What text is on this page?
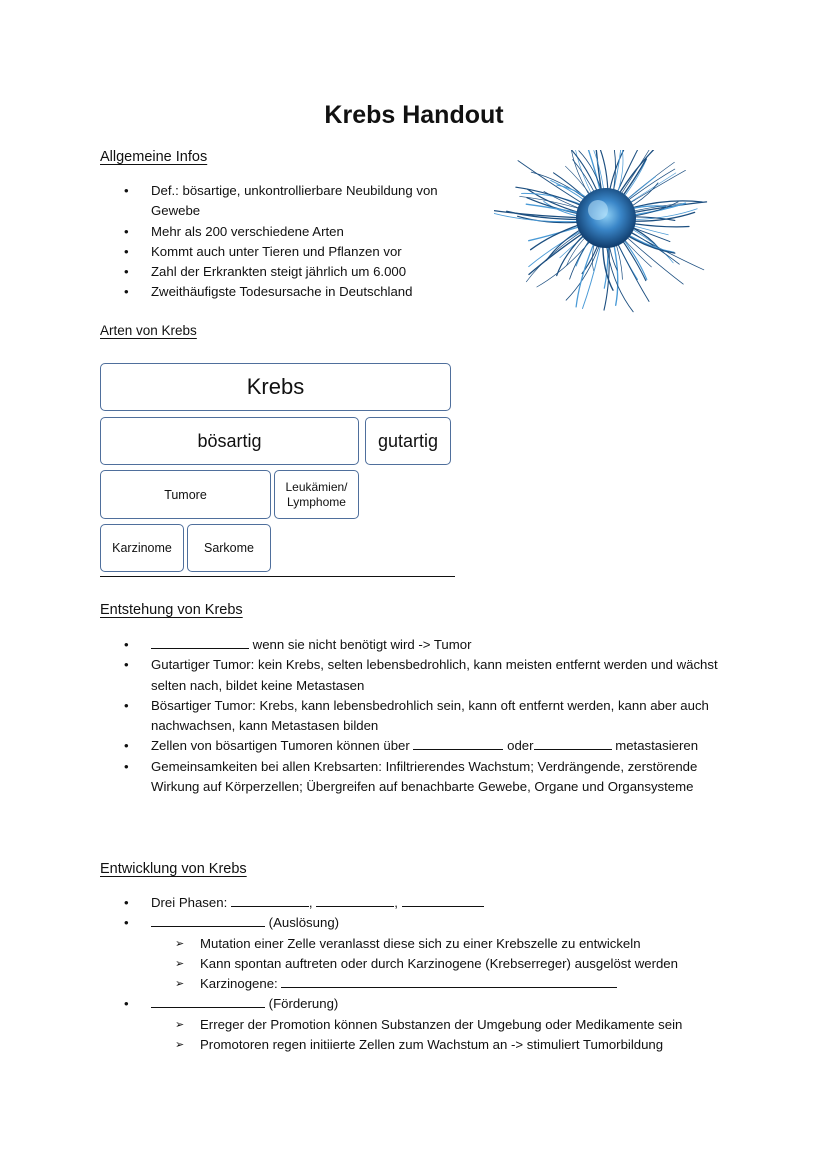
Krebs Handout
Allgemeine Infos
• Def.: bösartige, unkontrollierbare Neubildung von Gewebe
• Mehr als 200 verschiedene Arten
• Kommt auch unter Tieren und Pflanzen vor
• Zahl der Erkrankten steigt jährlich um 6.000
• Zweithäufigste Todesursache in Deutschland
Arten von Krebs
Krebs
bösartig	gutartig
Tumore
Leukämien/ Lymphome
Karzinome	Sarkome
Entstehung von Krebs
•	wenn sie nicht benötigt wird -> Tumor
• Gutartiger Tumor: kein Krebs, selten lebensbedrohlich, kann meisten entfernt werden und wächst selten nach, bildet keine Metastasen
• Bösartiger Tumor: Krebs, kann lebensbedrohlich sein, kann oft entfernt werden, kann aber auch nachwachsen, kann Metastasen bilden
• Zellen von bösartigen Tumoren können über	oder	metastasieren
• Gemeinsamkeiten bei allen Krebsarten: Infiltrierendes Wachstum; Verdrängende, zerstörende Wirkung auf Körperzellen; Übergreifen auf benachbarte Gewebe, Organe und Organsysteme
Entwicklung von Krebs
• Drei Phasen:	,	,
•	(Auslösung)
➢ Mutation einer Zelle veranlasst diese sich zu einer Krebszelle zu entwickeln
➢ Kann spontan auftreten oder durch Karzinogene (Krebserreger) ausgelöst werden
➢ Karzinogene:
•	(Förderung)
➢ Erreger der Promotion können Substanzen der Umgebung oder Medikamente sein
➢ Promotoren regen initiierte Zellen zum Wachstum an -> stimuliert Tumorbildung
